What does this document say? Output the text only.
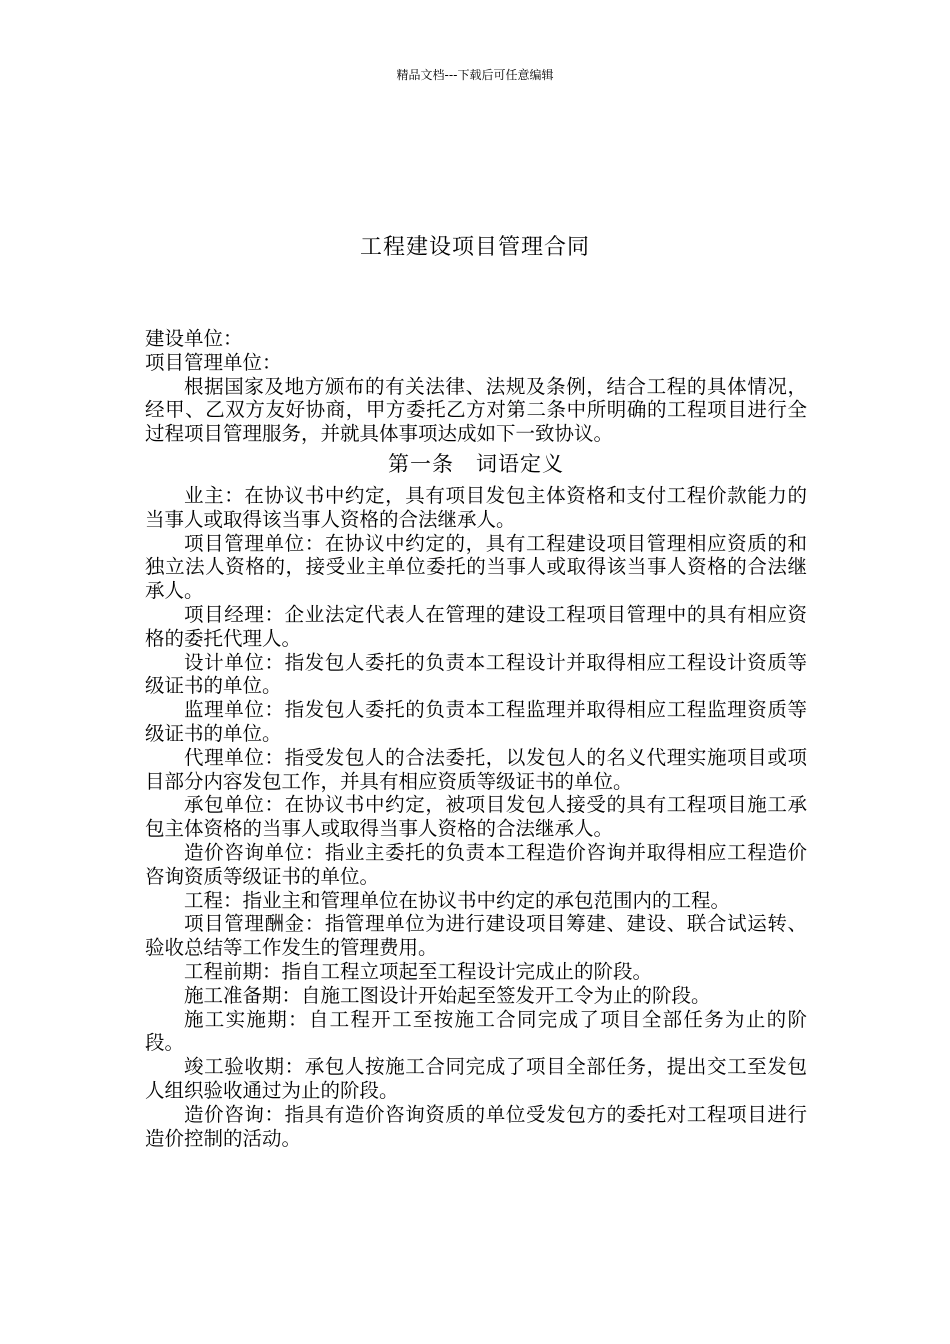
精品文档---下载后可任意编辑
工程建设项目管理合同

建设单位：

项目管理单位：

根据国家及地方颁布的有关法律、法规及条例，结合工程的具体情况，经甲、乙双方友好协商，甲方委托乙方对第二条中所明确的工程项目进行全过程项目管理服务，并就具体事项达成如下一致协议。

第一条　词语定义

业主：在协议书中约定，具有项目发包主体资格和支付工程价款能力的当事人或取得该当事人资格的合法继承人。

项目管理单位：在协议中约定的，具有工程建设项目管理相应资质的和独立法人资格的，接受业主单位委托的当事人或取得该当事人资格的合法继承人。

项目经理：企业法定代表人在管理的建设工程项目管理中的具有相应资格的委托代理人。

设计单位：指发包人委托的负责本工程设计并取得相应工程设计资质等级证书的单位。

监理单位：指发包人委托的负责本工程监理并取得相应工程监理资质等级证书的单位。

代理单位：指受发包人的合法委托，以发包人的名义代理实施项目或项目部分内容发包工作，并具有相应资质等级证书的单位。

承包单位：在协议书中约定，被项目发包人接受的具有工程项目施工承包主体资格的当事人或取得当事人资格的合法继承人。

造价咨询单位：指业主委托的负责本工程造价咨询并取得相应工程造价咨询资质等级证书的单位。

工程：指业主和管理单位在协议书中约定的承包范围内的工程。

项目管理酬金：指管理单位为进行建设项目筹建、建设、联合试运转、验收总结等工作发生的管理费用。

工程前期：指自工程立项起至工程设计完成止的阶段。

施工准备期：自施工图设计开始起至签发开工令为止的阶段。

施工实施期：自工程开工至按施工合同完成了项目全部任务为止的阶段。

竣工验收期：承包人按施工合同完成了项目全部任务，提出交工至发包人组织验收通过为止的阶段。

造价咨询：指具有造价咨询资质的单位受发包方的委托对工程项目进行造价控制的活动。
